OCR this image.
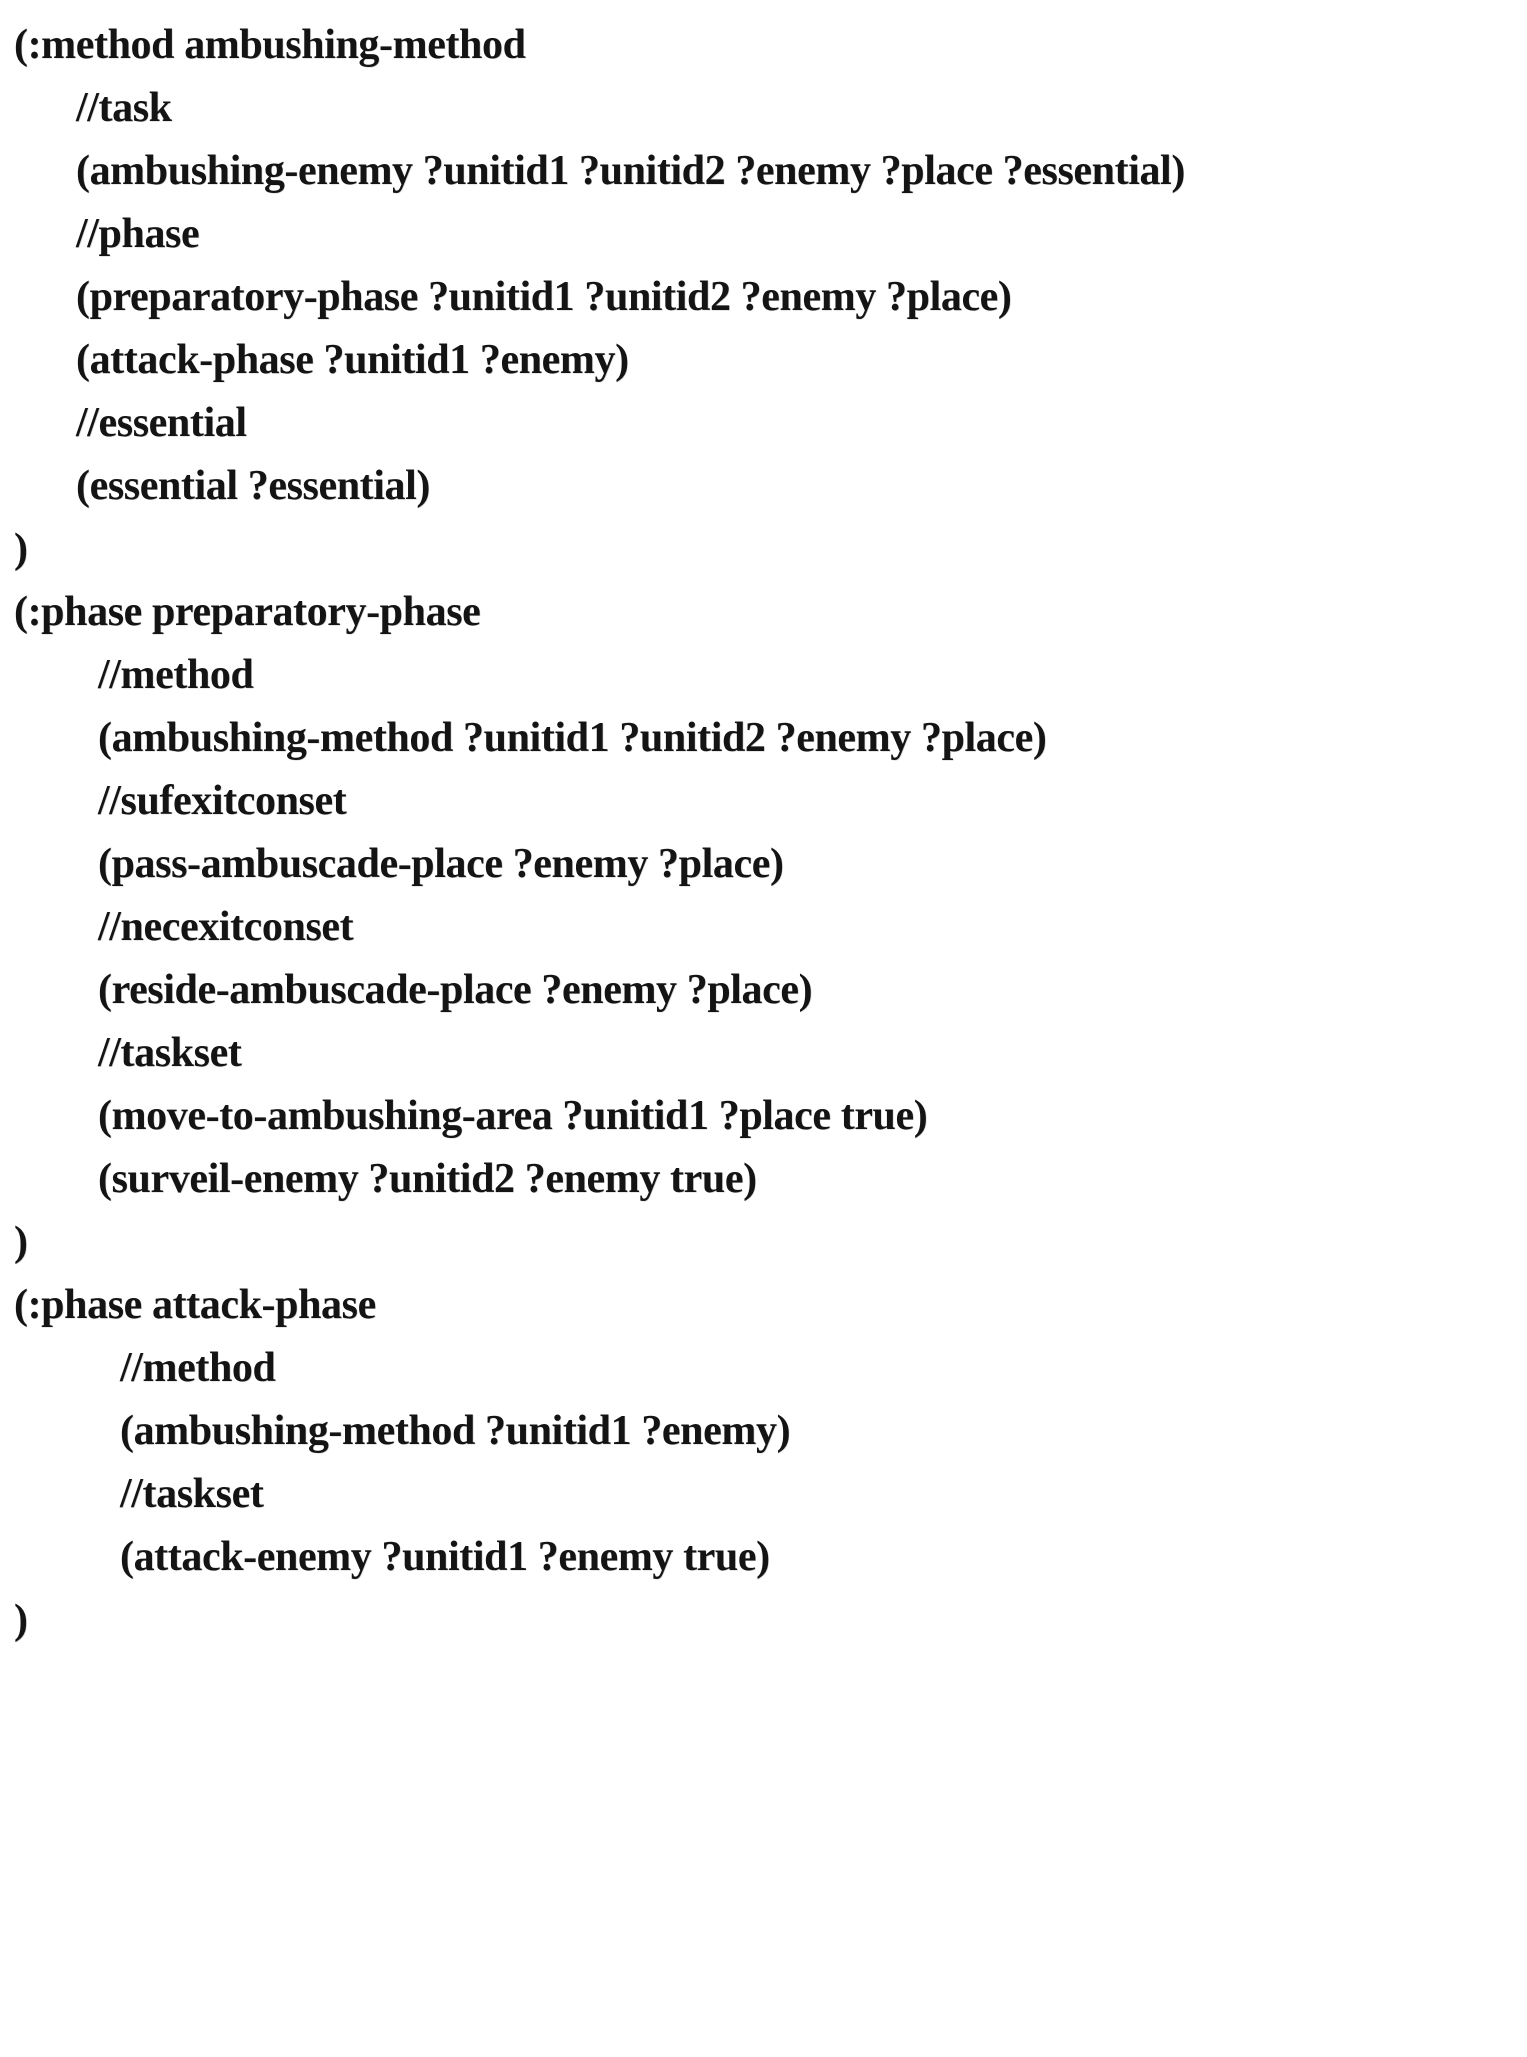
(:method ambushing-method
//task
(ambushing-enemy ?unitid1 ?unitid2 ?enemy ?place ?essential)
//phase
(preparatory-phase ?unitid1 ?unitid2 ?enemy ?place)
(attack-phase ?unitid1 ?enemy)
//essential
(essential ?essential)
)
(:phase preparatory-phase
//method
(ambushing-method ?unitid1 ?unitid2 ?enemy ?place)
//sufexitconset
(pass-ambuscade-place ?enemy ?place)
//necexitconset
(reside-ambuscade-place ?enemy ?place)
//taskset
(move-to-ambushing-area ?unitid1 ?place true)
(surveil-enemy ?unitid2 ?enemy true)
)
(:phase attack-phase
//method
(ambushing-method ?unitid1 ?enemy)
//taskset
(attack-enemy ?unitid1 ?enemy true)
)
